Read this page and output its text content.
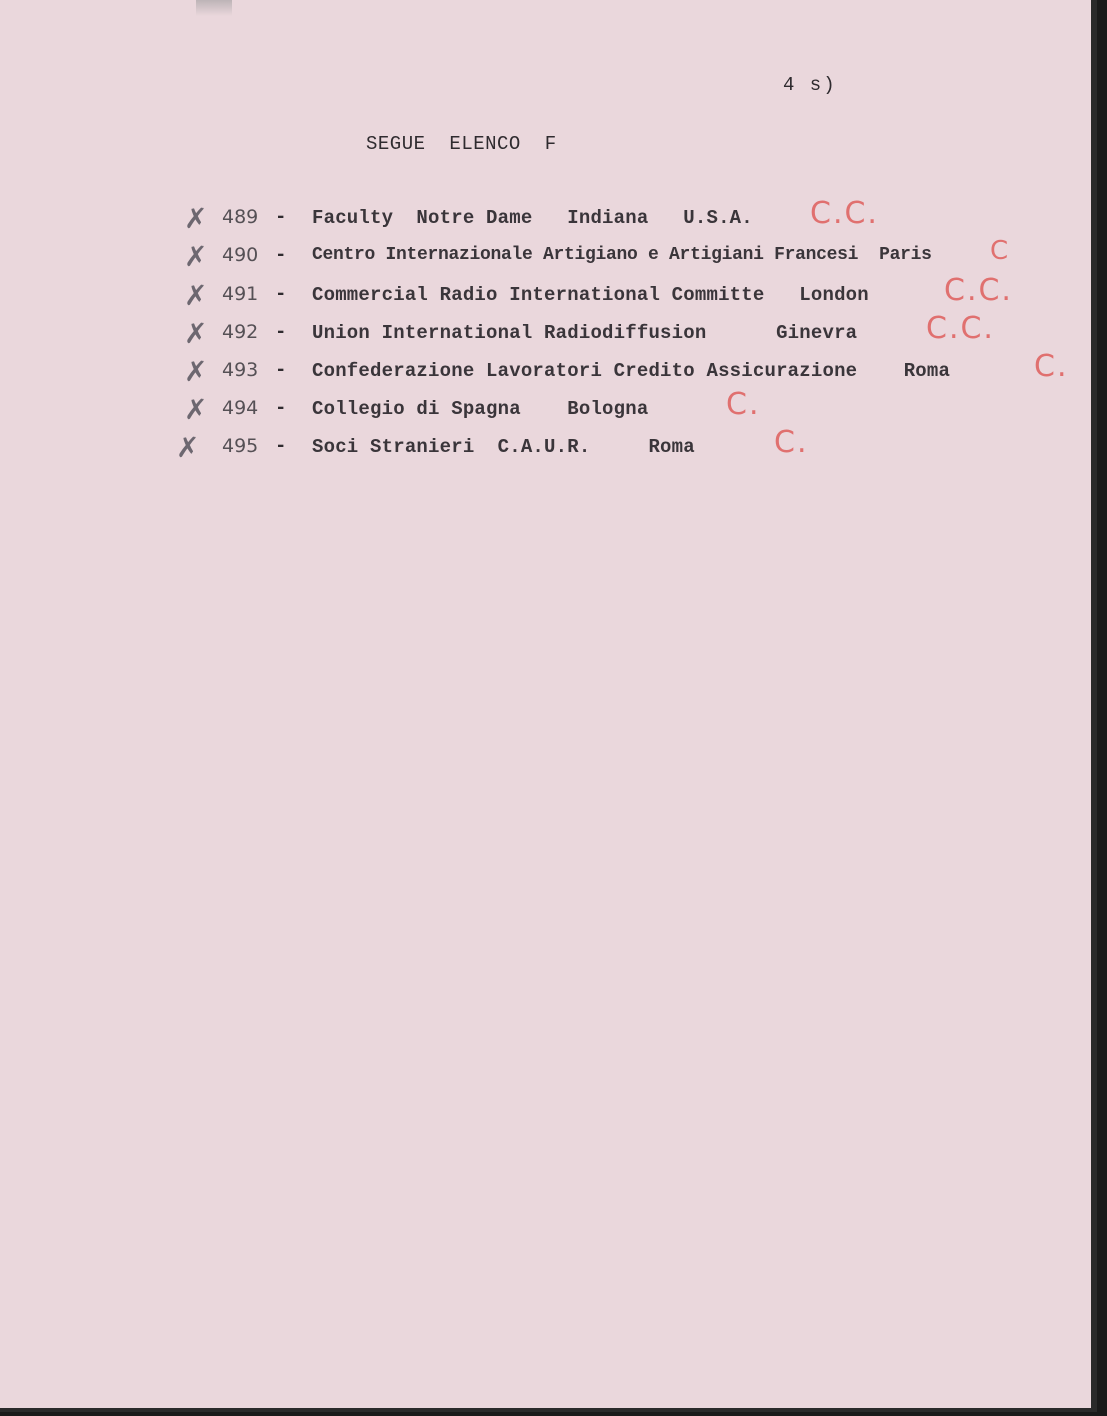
4 s)
SEGUE ELENCO F
✗ 489 - Faculty  Notre Dame   Indiana   U.S.A. C.C.
✗ 490 - Centro Internazionale Artigiano e Artigiani Francesi  Paris C
✗ 491 - Commercial Radio International Committe   London	C.C.
✗ 492 - Union International Radiodiffusion      Ginevra C.C.
✗ 493 - Confederazione Lavoratori Credito Assicurazione    Roma	C.
✗ 494 - Collegio di Spagna    Bologna	C.
✗	495 - Soci Stranieri  C.A.U.R.     Roma	C.
